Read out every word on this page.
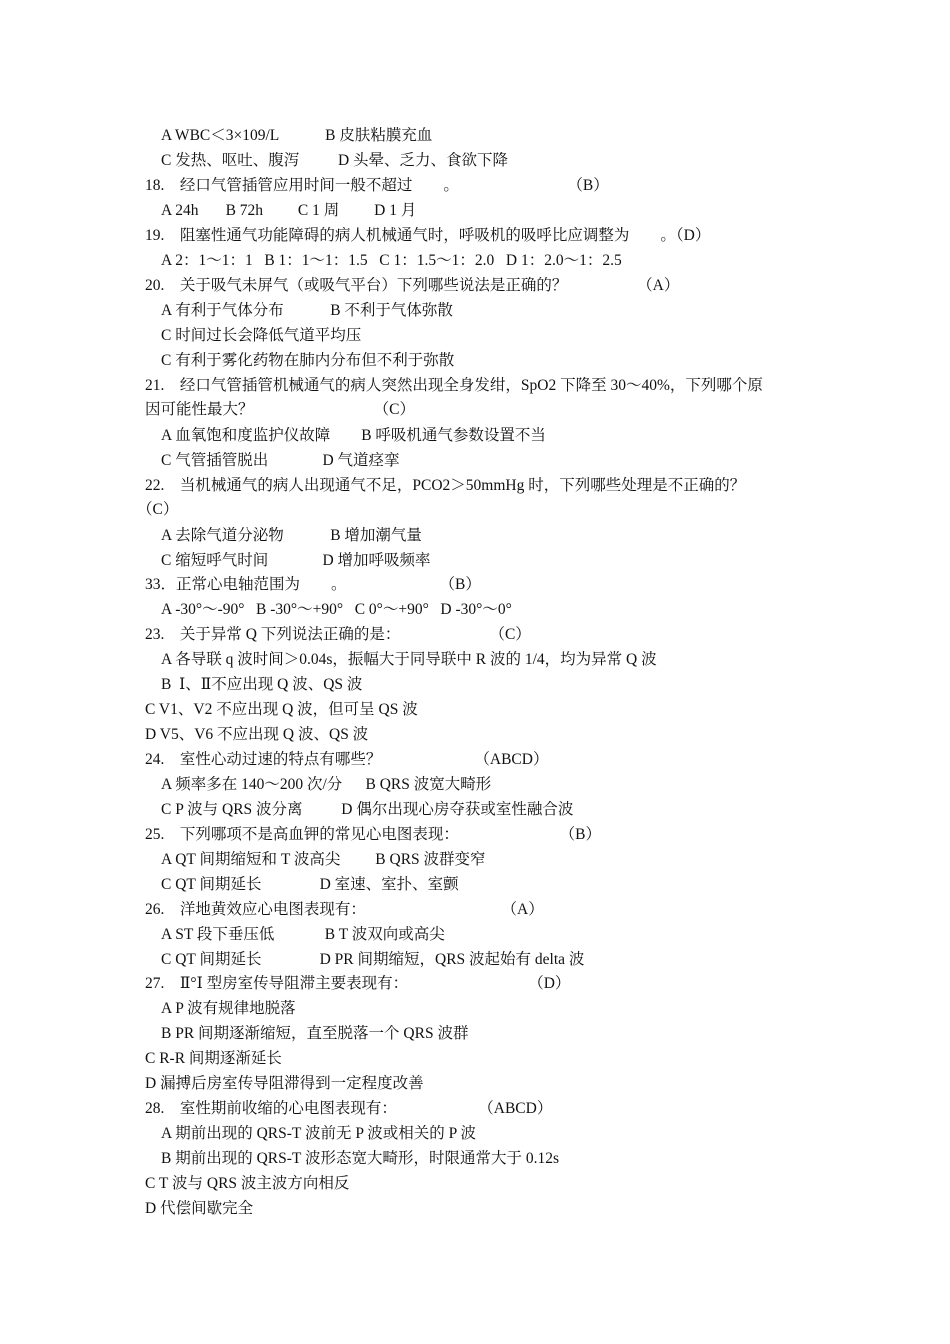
A WBC＜3×109/L            B 皮肤粘膜充血
C 发热、呕吐、腹泻          D 头晕、乏力、食欲下降
18.    经口气管插管应用时间一般不超过        。                            （B）
A 24h       B 72h         C 1 周         D 1 月
19.    阻塞性通气功能障碍的病人机械通气时，呼吸机的吸呼比应调整为        。（D）
A 2：1～1：1   B 1：1～1：1.5   C 1：1.5～1：2.0   D 1：2.0～1：2.5
20.    关于吸气未屏气（或吸气平台）下列哪些说法是正确的？                  （A）
A 有利于气体分布            B 不利于气体弥散
C 时间过长会降低气道平均压
C 有利于雾化药物在肺内分布但不利于弥散
21.    经口气管插管机械通气的病人突然出现全身发绀，SpO2 下降至 30～40%，下列哪个原
因可能性最大？                               （C）
A 血氧饱和度监护仪故障        B 呼吸机通气参数设置不当
C 气管插管脱出              D 气道痉挛
22.    当机械通气的病人出现通气不足，PCO2＞50mmHg 时，下列哪些处理是不正确的？
（C）
A 去除气道分泌物            B 增加潮气量
C 缩短呼气时间              D 增加呼吸频率
33．正常心电轴范围为        。                        （B）
A -30°～-90°   B -30°～+90°   C 0°～+90°   D -30°～0°
23.    关于异常 Q 下列说法正确的是：                       （C）
A 各导联 q 波时间＞0.04s，振幅大于同导联中 R 波的 1/4，均为异常 Q 波
B  Ⅰ、Ⅱ不应出现 Q 波、QS 波
C V1、V2 不应出现 Q 波，但可呈 QS 波
D V5、V6 不应出现 Q 波、QS 波
24.    室性心动过速的特点有哪些？                        （ABCD）
A 频率多在 140～200 次/分      B QRS 波宽大畸形
C P 波与 QRS 波分离          D 偶尔出现心房夺获或室性融合波
25.    下列哪项不是高血钾的常见心电图表现：                          （B）
A QT 间期缩短和 T 波高尖         B QRS 波群变窄
C QT 间期延长               D 室速、室扑、室颤
26.    洋地黄效应心电图表现有：                                   （A）
A ST 段下垂压低             B T 波双向或高尖
C QT 间期延长               D PR 间期缩短，QRS 波起始有 delta 波
27.    Ⅱ°Ⅰ 型房室传导阻滞主要表现有：                               （D）
A P 波有规律地脱落
B PR 间期逐渐缩短，直至脱落一个 QRS 波群
C R-R 间期逐渐延长
D 漏搏后房室传导阻滞得到一定程度改善
28.    室性期前收缩的心电图表现有：                     （ABCD）
A 期前出现的 QRS-T 波前无 P 波或相关的 P 波
B 期前出现的 QRS-T 波形态宽大畸形，时限通常大于 0.12s
C T 波与 QRS 波主波方向相反
D 代偿间歇完全
